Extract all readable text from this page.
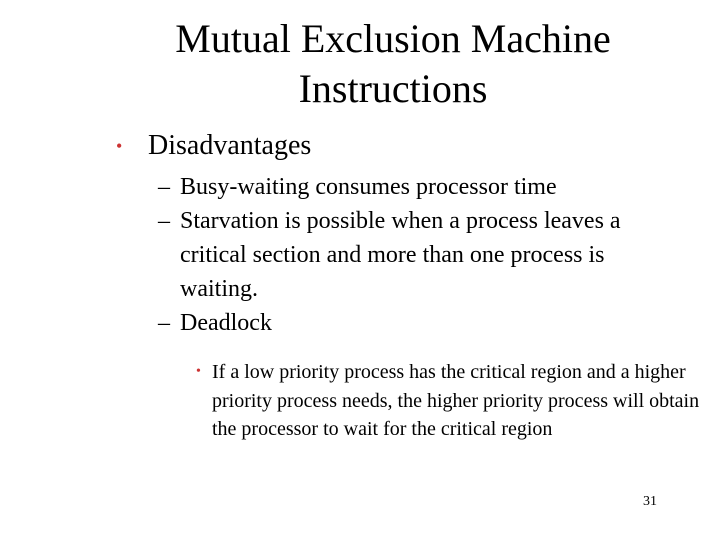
Mutual Exclusion Machine
Instructions
• Disadvantages
– Busy-waiting consumes processor time
– Starvation is possible when a process leaves a critical section and more than one process is waiting.
– Deadlock
• If a low priority process has the critical region and a higher priority process needs, the higher priority process will obtain the processor to wait for the critical region
31
